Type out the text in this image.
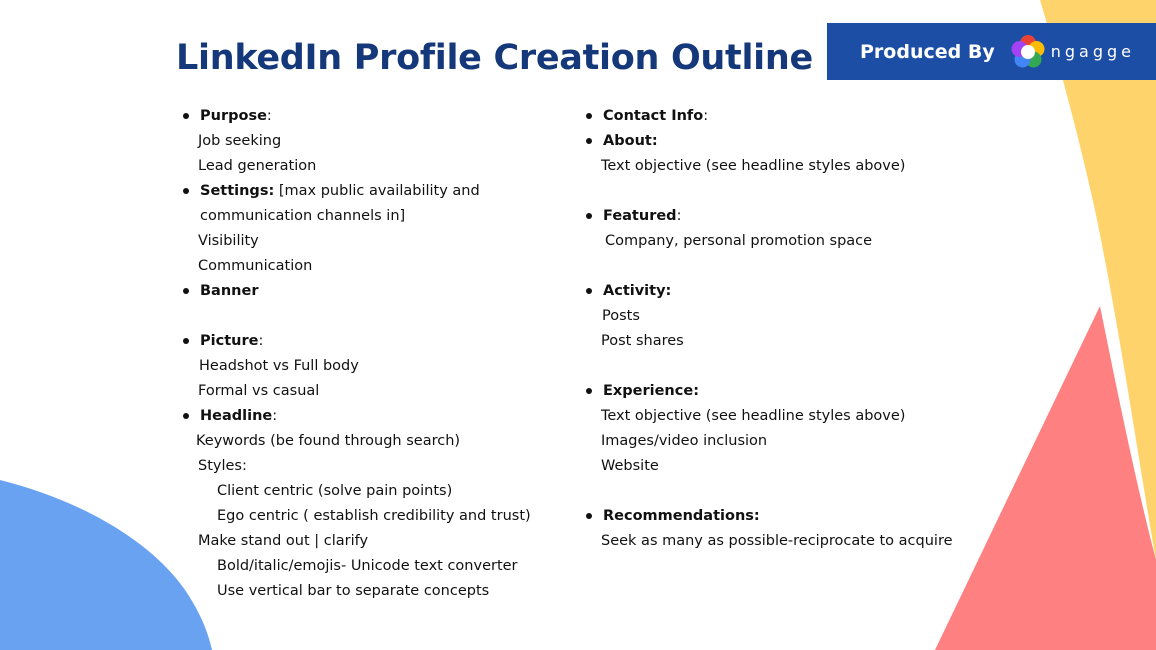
LinkedIn Profile Creation Outline Produced By	ngagge
Purpose:
Job seeking
Lead generation
Settings: [max public availability and
communication channels in]
Visibility
Communication
Banner
Picture:
Headshot vs Full body
Formal vs casual
Headline:
Keywords (be found through search)
Styles:
Client centric (solve pain points)
Ego centric ( establish credibility and trust)
Make stand out | clarify
Bold/italic/emojis- Unicode text converter
Use vertical bar to separate concepts
Contact Info:
About:
Text objective (see headline styles above)
Featured:
Company, personal promotion space
Activity:
Posts
Post shares
Experience:
Text objective (see headline styles above)
Images/video inclusion
Website
Recommendations:
Seek as many as possible-reciprocate to acquire
